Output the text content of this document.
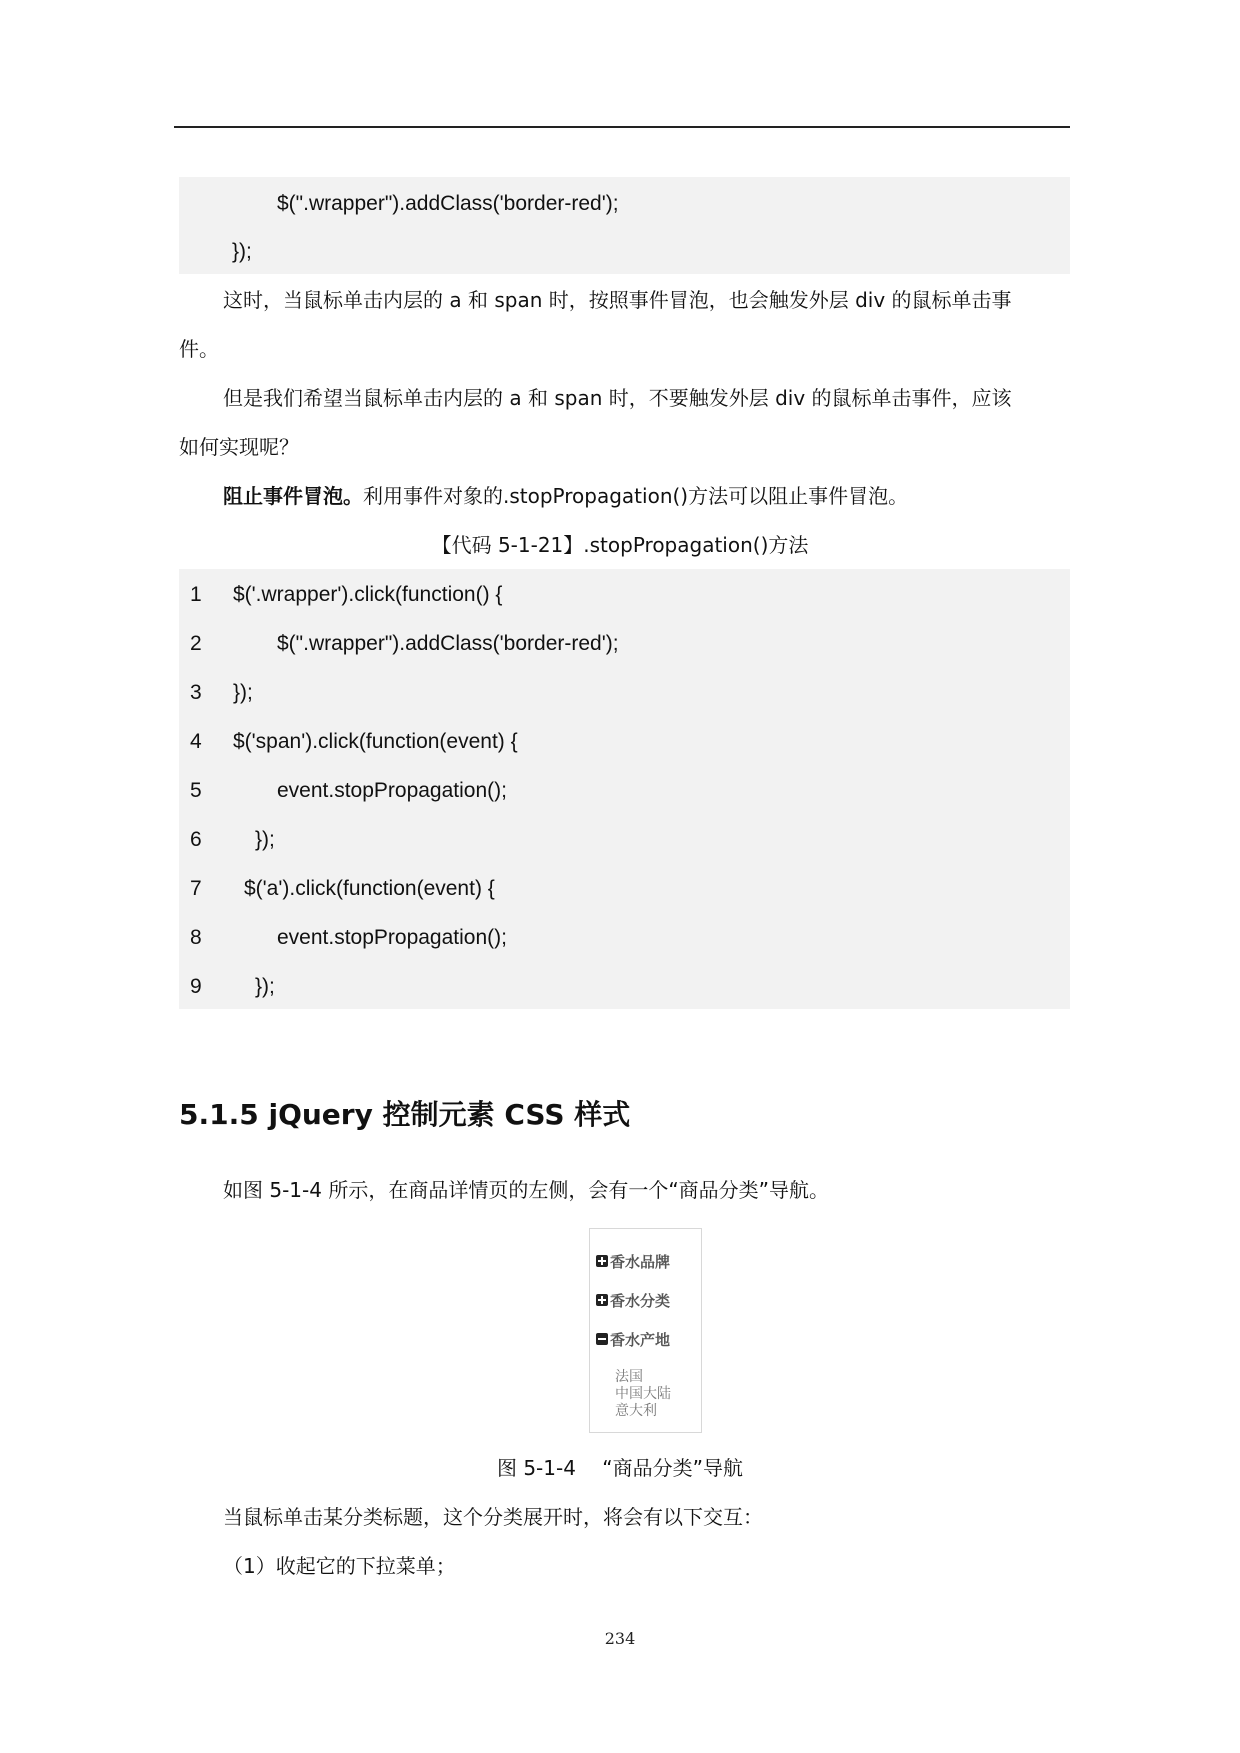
$(".wrapper").addClass('border-red');
});
这时，当鼠标单击内层的 a 和 span 时，按照事件冒泡，也会触发外层 div 的鼠标单击事
件。
但是我们希望当鼠标单击内层的 a 和 span 时，不要触发外层 div 的鼠标单击事件，应该
如何实现呢？
阻止事件冒泡。利用事件对象的.stopPropagation()方法可以阻止事件冒泡。
【代码 5-1-21】.stopPropagation()方法
1 $('.wrapper').click(function() {
2	$(".wrapper").addClass('border-red');
3 });
4 $('span').click(function(event) {
5	event.stopPropagation();
6	});
7 $('a').click(function(event) {
8	event.stopPropagation();
9	});
5.1.5 jQuery 控制元素 CSS 样式
如图 5-1-4 所示，在商品详情页的左侧，会有一个“商品分类”导航。
香水品牌
香水分类
香水产地
法国
中国大陆
意大利
图 5-1-4　 “商品分类”导航
当鼠标单击某分类标题，这个分类展开时，将会有以下交互：
（1）收起它的下拉菜单；
234
